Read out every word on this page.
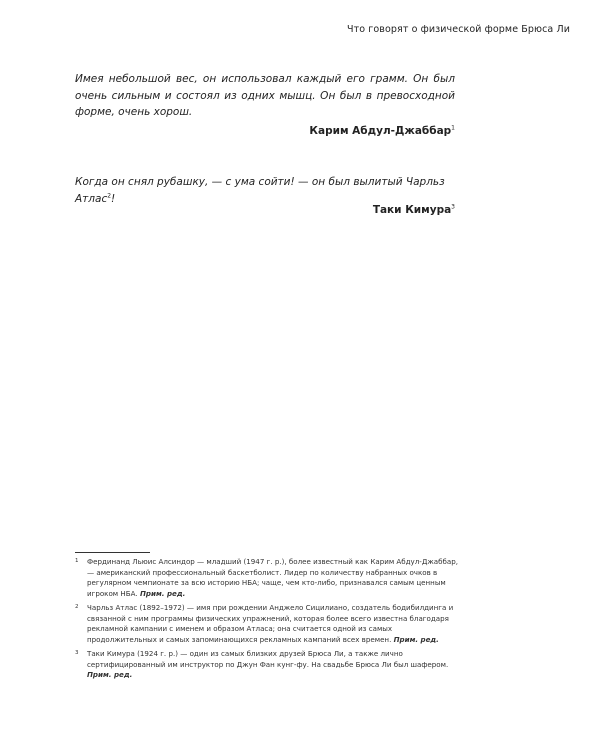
Что говорят о физической форме Брюса Ли

Имея небольшой вес, он использовал каждый его грамм. Он был очень сильным и состоял из одних мышц. Он был в превосходной форме, очень хорош.

Карим Абдул-Джаббар$^1$

Когда он снял рубашку, — с ума сойти! — он был вылитый Чарльз Атлас$^2$!

Таки Кимура$^3$
1 Фердинанд Льюис Алсиндор — младший (1947 г. р.), более известный как Карим Абдул-Джаббар, — американский профессиональный баскетболист. Лидер по количеству набранных очков в регулярном чемпионате за всю историю НБА; чаще, чем кто-либо, признавался самым ценным игроком НБА. Прим. ред.
2 Чарльз Атлас (1892–1972) — имя при рождении Анджело Сицилиано, создатель бодибилдинга и связанной с ним программы физических упражнений, которая более всего известна благодаря рекламной кампании с именем и образом Атласа; она считается одной из самых продолжительных и самых запоминающихся рекламных кампаний всех времен. Прим. ред.
3 Таки Кимура (1924 г. р.) — один из самых близких друзей Брюса Ли, а также лично сертифицированный им инструктор по Джун Фан кунг-фу. На свадьбе Брюса Ли был шафером. Прим. ред.
